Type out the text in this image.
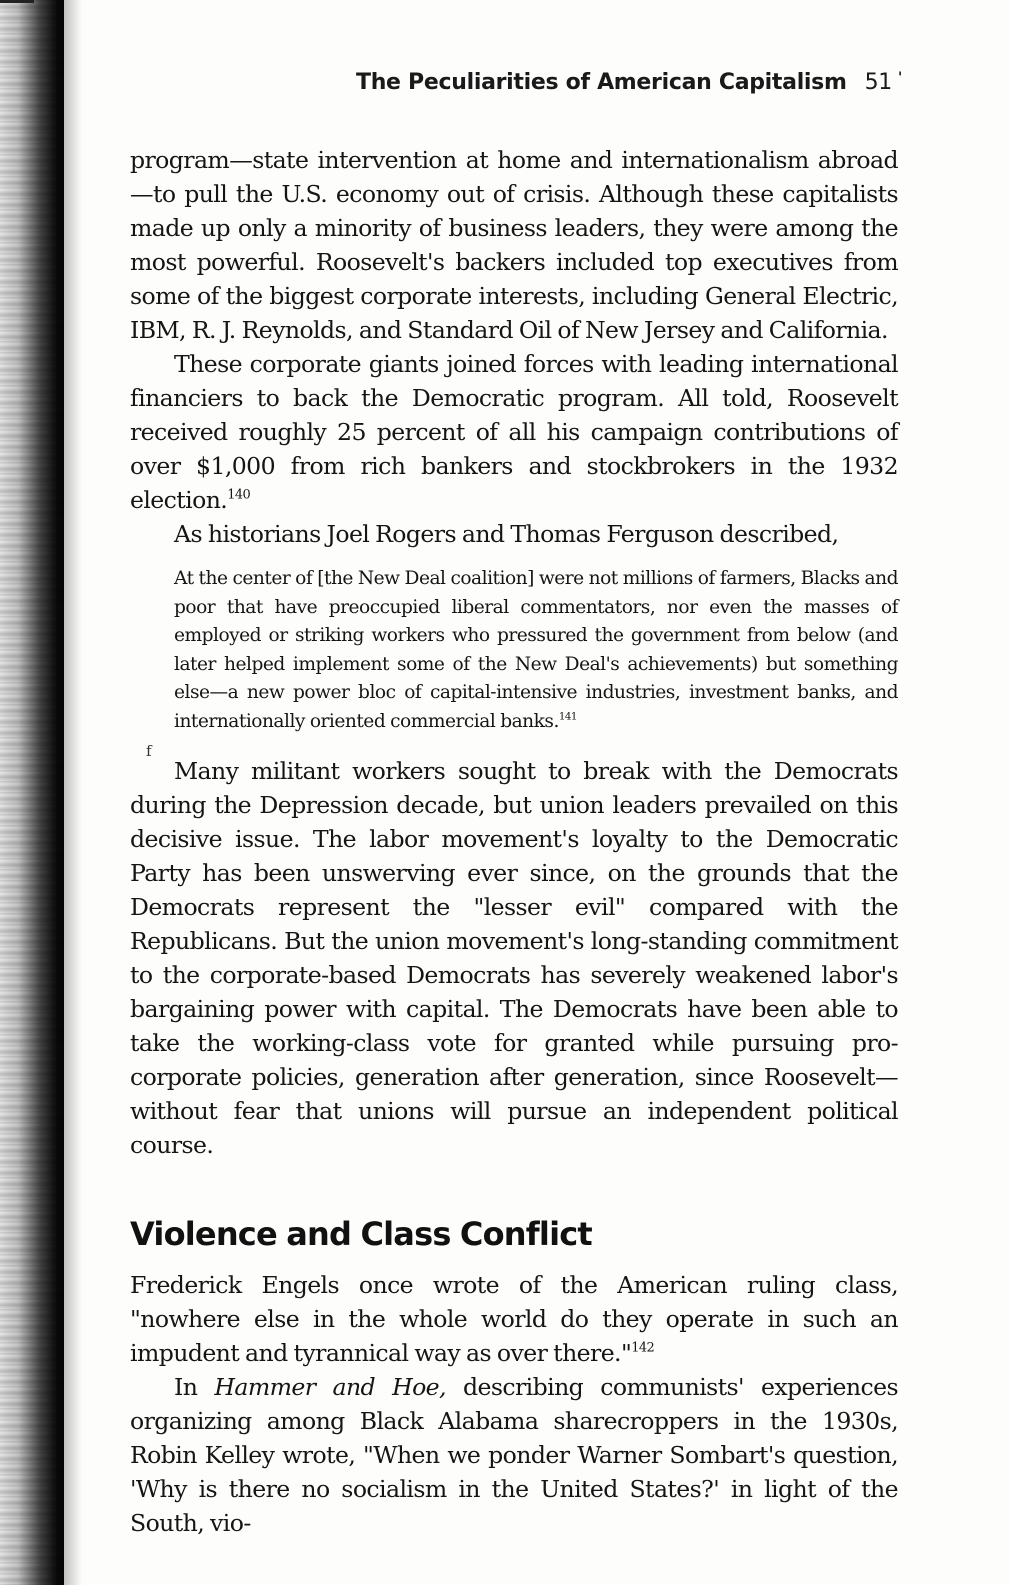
The Peculiarities of American Capitalism 51 '

program—state intervention at home and internationalism abroad—to pull the U.S. economy out of crisis. Although these capitalists made up only a minority of business leaders, they were among the most powerful. Roosevelt's backers included top executives from some of the biggest corporate interests, including General Electric, IBM, R. J. Reynolds, and Standard Oil of New Jersey and California.

These corporate giants joined forces with leading international financiers to back the Democratic program. All told, Roosevelt received roughly 25 percent of all his campaign contributions of over $1,000 from rich bankers and stockbrokers in the 1932 election.$^{140}$

As historians Joel Rogers and Thomas Ferguson described,

f
At the center of [the New Deal coalition] were not millions of farmers, Blacks and poor that have preoccupied liberal commentators, nor even the masses of employed or striking workers who pressured the government from below (and later helped implement some of the New Deal's achievements) but something else—a new power bloc of capital-intensive industries, investment banks, and internationally oriented commercial banks.$^{141}$

Many militant workers sought to break with the Democrats during the Depression decade, but union leaders prevailed on this decisive issue. The labor movement's loyalty to the Democratic Party has been unswerving ever since, on the grounds that the Democrats represent the "lesser evil" compared with the Republicans. But the union movement's long-standing commitment to the corporate-based Democrats has severely weakened labor's bargaining power with capital. The Democrats have been able to take the working-class vote for granted while pursuing pro-corporate policies, generation after generation, since Roosevelt—without fear that unions will pursue an independent political course.

Violence and Class Conflict

Frederick Engels once wrote of the American ruling class, "nowhere else in the whole world do they operate in such an impudent and tyrannical way as over there."$^{142}$

In Hammer and Hoe, describing communists' experiences organizing among Black Alabama sharecroppers in the 1930s, Robin Kelley wrote, "When we ponder Warner Sombart's question, 'Why is there no socialism in the United States?' in light of the South, vio-
